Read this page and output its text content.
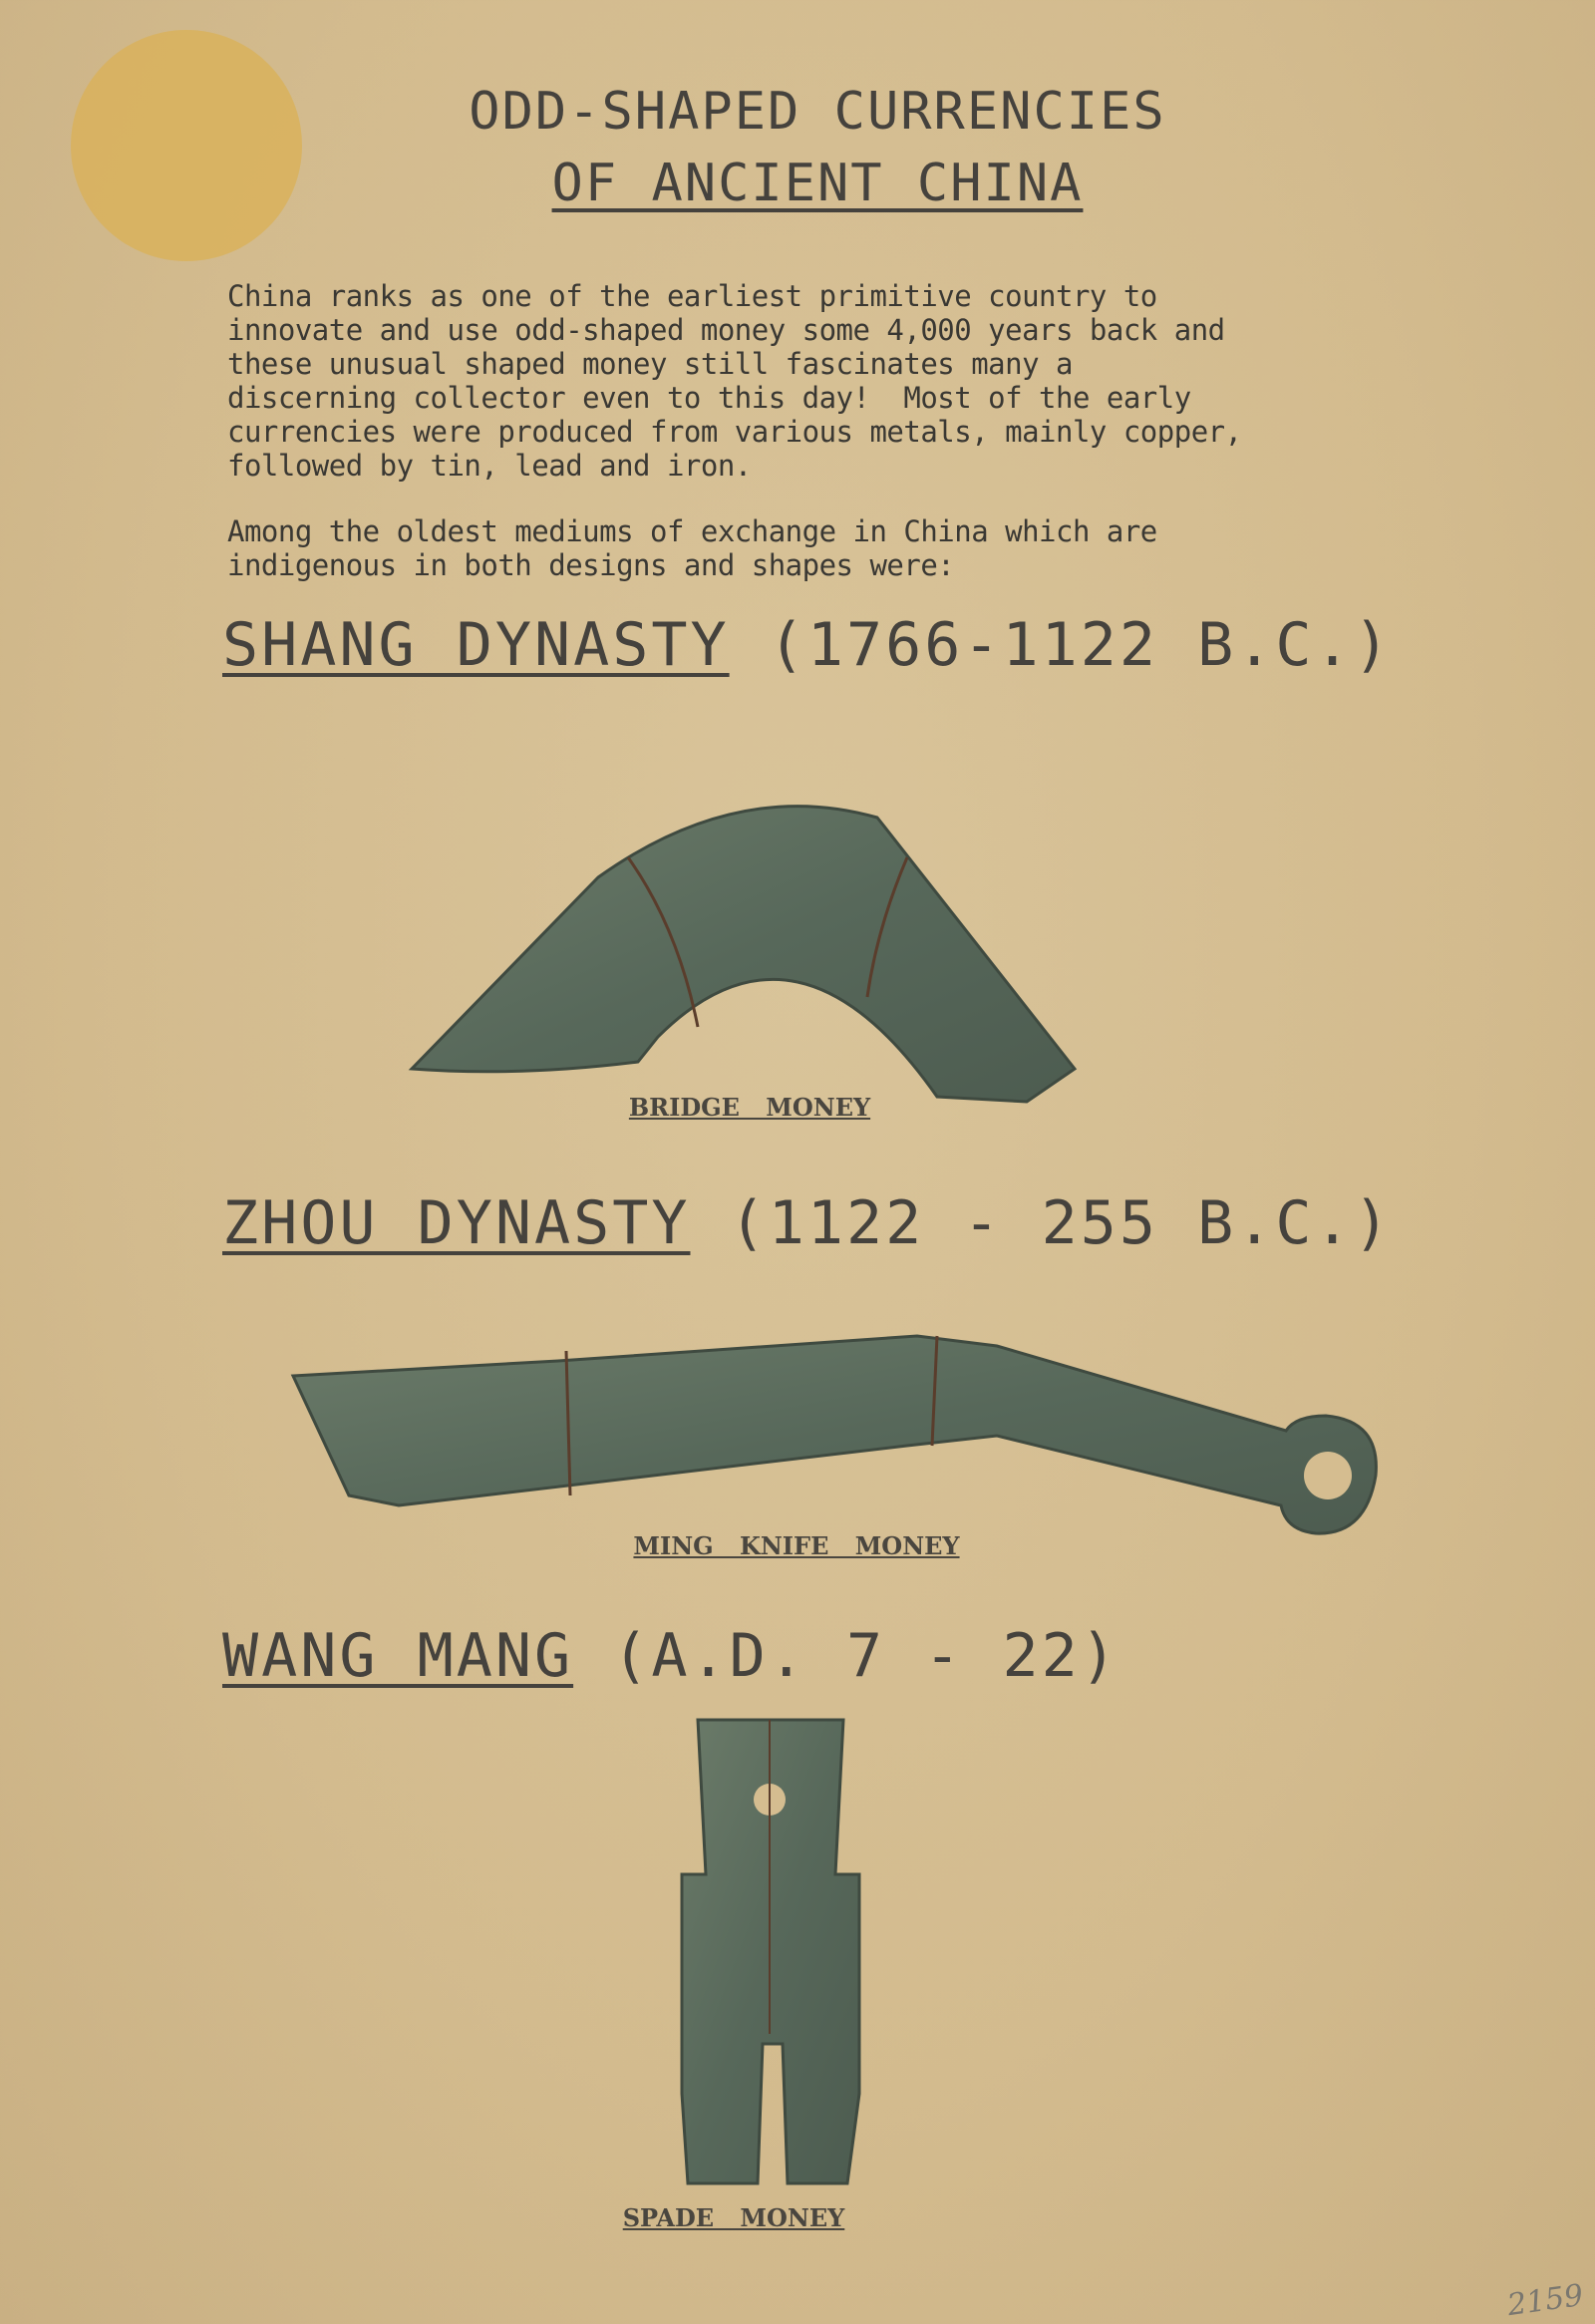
ODD-SHAPED CURRENCIES
OF ANCIENT CHINA
China ranks as one of the earliest primitive country to
innovate and use odd-shaped money some 4,000 years back and
these unusual shaped money still fascinates many a
discerning collector even to this day!  Most of the early
currencies were produced from various metals, mainly copper,
followed by tin, lead and iron.
Among the oldest mediums of exchange in China which are
indigenous in both designs and shapes were:
SHANG DYNASTY (1766-1122 B.C.)
BRIDGE MONEY
ZHOU DYNASTY (1122 - 255 B.C.)
MING KNIFE MONEY
WANG MANG (A.D. 7 - 22)
SPADE MONEY
2159
